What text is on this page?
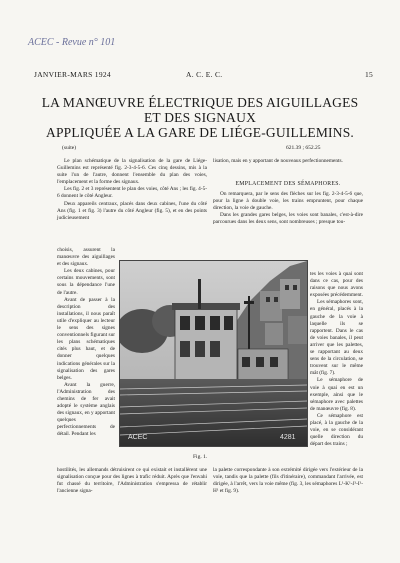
ACEC - Revue n° 101
JANVIER-MARS 1924	A. C. E. C.	15
LA MANŒUVRE ÉLECTRIQUE DES AIGUILLAGES
ET DES SIGNAUX
APPLIQUÉE A LA GARE DE LIÉGE-GUILLEMINS.
(suite)	621.39 ; 652.25

Le plan schématique de la signalisation de la gare de Liége-Guillemins est représenté fig. 2-3-4-5-6. Ces cinq dessins, mis à la suite l'un de l'autre, donnent l'ensemble du plan des voies, l'emplacement et la forme des signaux.

Les fig. 2 et 3 représentent le plan des voies, côté Ans ; les fig. 4-5-6 donnent le côté Angleur.

Deux appareils centraux, placés dans deux cabines, l'une du côté Ans (fig. 1 et fig. 3) l'autre du côté Angleur (fig. 5), et en des points judicieusement

choisis, assurent la manœuvre des aiguillages et des signaux.

Les deux cabines, pour certains mouvements, sont sous la dépendance l'une de l'autre.

Avant de passer à la description des installations, il nous paraît utile d'expliquer au lecteur le sens des signes conventionnels figurant sur les plans schématiques cités plus haut, et de donner quelques indications générales sur la signalisation des gares belges.

Avant la guerre, l'Administration des chemins de fer avait adopté le système anglais des signaux, en y apportant quelques perfectionnements de détail. Pendant les

hostilités, les allemands détruisirent ce qui existait et installèrent une signalisation conçue pour des lignes à trafic réduit. Après que l'envahi fut chassé du territoire, l'Administration s'empressa de rétablir l'ancienne signa-

lisation, mais en y apportant de nouveaux perfectionnements.

EMPLACEMENT DES SÉMAPHORES.

On remarquera, par le sens des flèches sur les fig. 2-3-4-5-6 que, pour la ligne à double voie, les trains empruntent, pour chaque direction, la voie de gauche.

Dans les grandes gares belges, les voies sont banales, c'est-à-dire parcourues dans les deux sens, sont nombreuses ; presque tou-

tes les voies à quai sont dans ce cas, pour des raisons que nous avons exposées précédemment.

Les sémaphores sont, en général, placés à la gauche de la voie à laquelle ils se rapportent. Dans le cas de voies banales, il peut arriver que les palettes, se rapportant au deux sens de la circulation, se trouvent sur le même mât (fig. 7).

Le sémaphore de voie à quai en est un exemple, ainsi que le sémaphore avec palettes de manœuvre (fig. 8).

Ce sémaphore est placé, à la gauche de la voie, en se considérant quelle direction du départ des trains ;

la palette correspondante à son extrémité dirigée vers l'extérieur de la voie, tandis que la palette (fils d'itinéraire), commandant l'arrivée, est dirigée, à l'arrêt, vers la voie même (fig. 3, les sémaphores L¹-K¹-J¹-I¹-H¹ et fig. 9).

ACEC	4281
Fig. 1.
